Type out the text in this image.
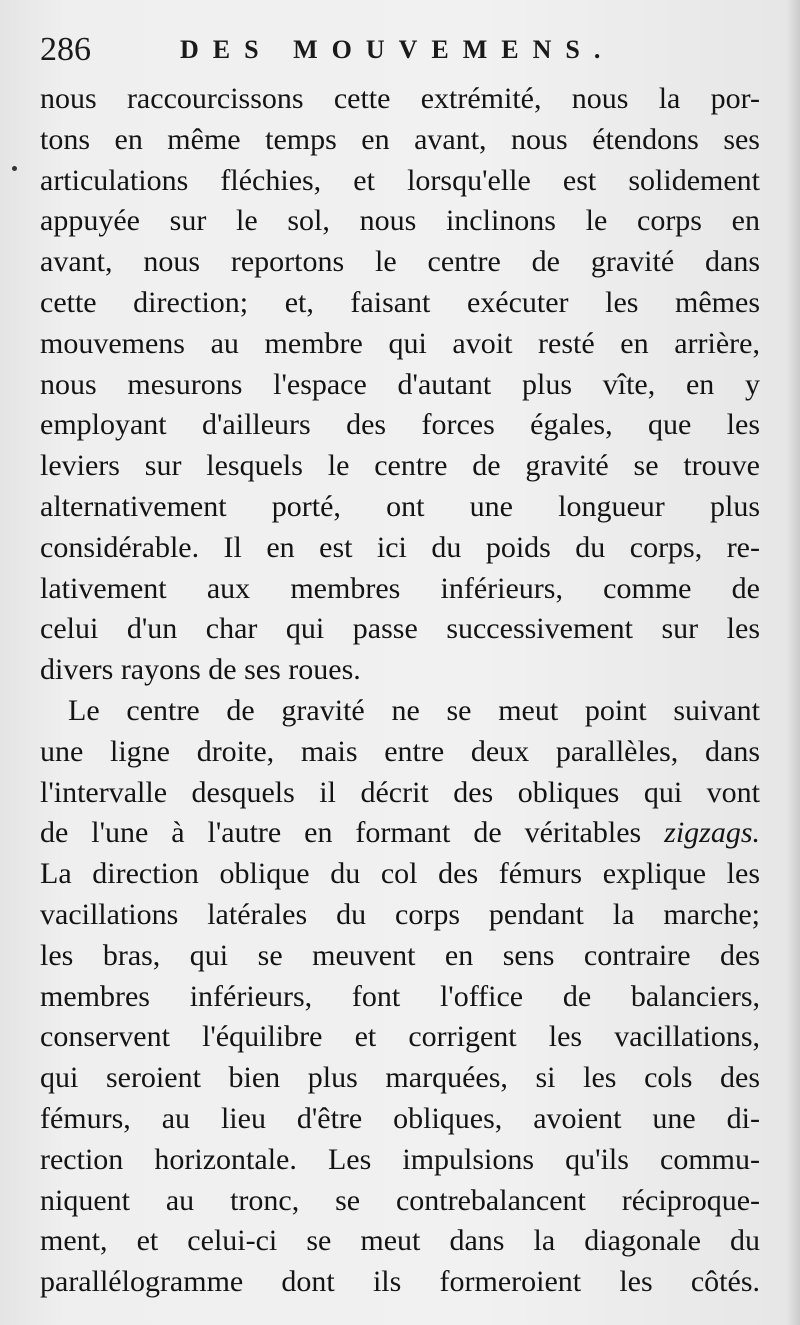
286	DES MOUVEMENS.
nous raccourcissons cette extrémité, nous la por-
tons en même temps en avant, nous étendons ses
articulations fléchies, et lorsqu'elle est solidement
appuyée sur le sol, nous inclinons le corps en
avant, nous reportons le centre de gravité dans
cette direction; et, faisant exécuter les mêmes
mouvemens au membre qui avoit resté en arrière,
nous mesurons l'espace d'autant plus vîte, en y
employant d'ailleurs des forces égales, que les
leviers sur lesquels le centre de gravité se trouve
alternativement porté, ont une longueur plus
considérable. Il en est ici du poids du corps, re-
lativement aux membres inférieurs, comme de
celui d'un char qui passe successivement sur les
divers rayons de ses roues.
Le centre de gravité ne se meut point suivant
une ligne droite, mais entre deux parallèles, dans
l'intervalle desquels il décrit des obliques qui vont
de l'une à l'autre en formant de véritables zigzags.
La direction oblique du col des fémurs explique les
vacillations latérales du corps pendant la marche;
les bras, qui se meuvent en sens contraire des
membres inférieurs, font l'office de balanciers,
conservent l'équilibre et corrigent les vacillations,
qui seroient bien plus marquées, si les cols des
fémurs, au lieu d'être obliques, avoient une di-
rection horizontale. Les impulsions qu'ils commu-
niquent au tronc, se contrebalancent réciproque-
ment, et celui-ci se meut dans la diagonale du
parallélogramme dont ils formeroient les côtés.
